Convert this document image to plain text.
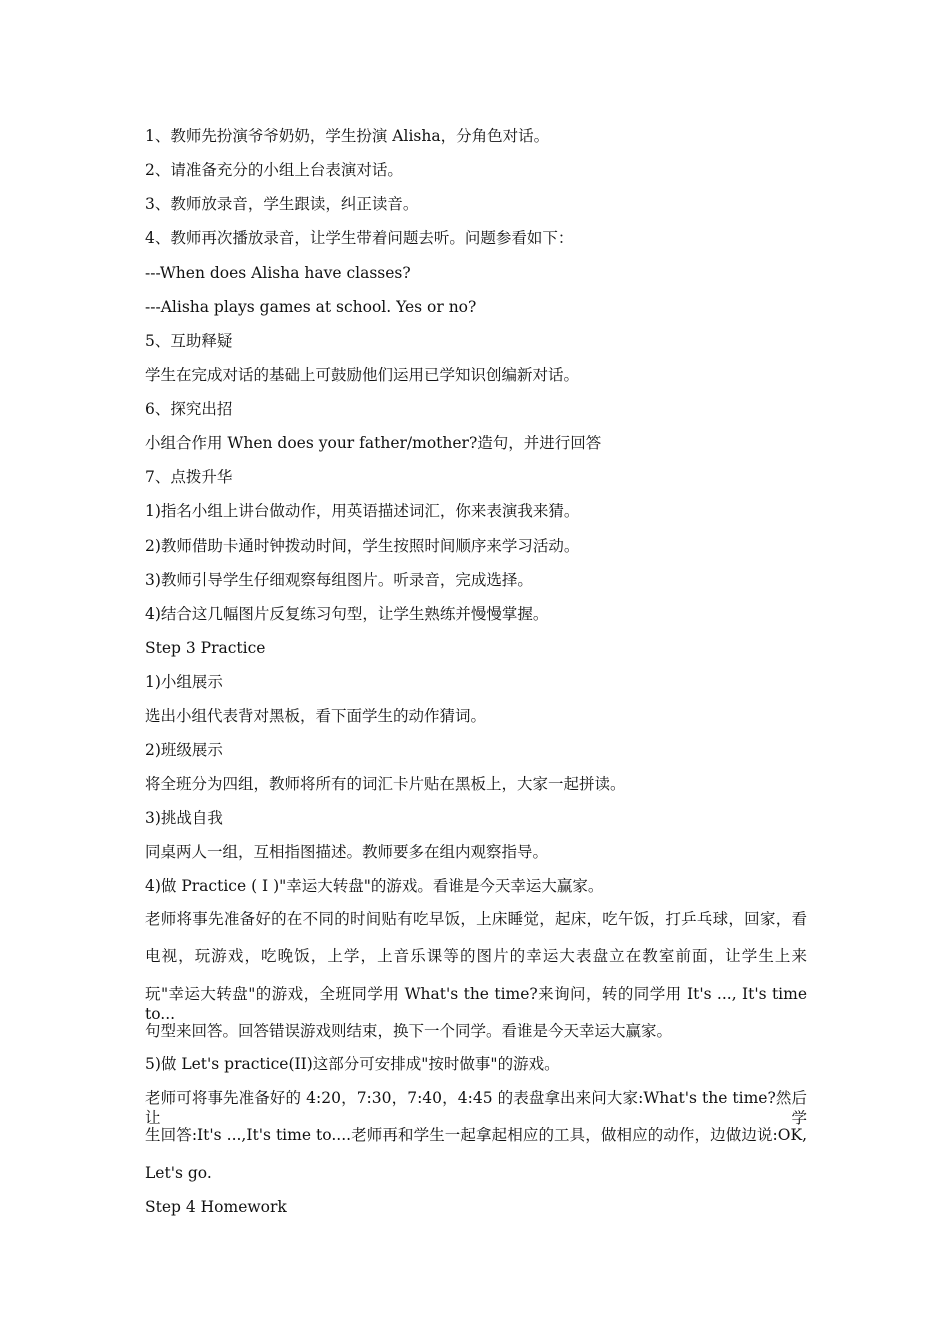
1、教师先扮演爷爷奶奶，学生扮演 Alisha，分角色对话。
2、请准备充分的小组上台表演对话。
3、教师放录音，学生跟读，纠正读音。
4、教师再次播放录音，让学生带着问题去听。问题参看如下：
---When does Alisha have classes?
---Alisha plays games at school. Yes or no?
5、互助释疑
学生在完成对话的基础上可鼓励他们运用已学知识创编新对话。
6、探究出招
小组合作用 When does your father/mother?造句，并进行回答
7、点拨升华
1)指名小组上讲台做动作，用英语描述词汇，你来表演我来猜。
2)教师借助卡通时钟拨动时间，学生按照时间顺序来学习活动。
3)教师引导学生仔细观察每组图片。听录音，完成选择。
4)结合这几幅图片反复练习句型，让学生熟练并慢慢掌握。
Step 3 Practice
1)小组展示
选出小组代表背对黑板，看下面学生的动作猜词。
2)班级展示
将全班分为四组，教师将所有的词汇卡片贴在黑板上，大家一起拼读。
3)挑战自我
同桌两人一组，互相指图描述。教师要多在组内观察指导。
4)做 Practice ( I )"幸运大转盘"的游戏。看谁是今天幸运大赢家。
老师将事先准备好的在不同的时间贴有吃早饭，上床睡觉，起床，吃午饭，打乒乓球，回家，看
电视，玩游戏，吃晚饭，上学，上音乐课等的图片的幸运大表盘立在教室前面，让学生上来
玩"幸运大转盘"的游戏，全班同学用 What's the time?来询问，转的同学用 It's ..., It's time to...
句型来回答。回答错误游戏则结束，换下一个同学。看谁是今天幸运大赢家。
5)做 Let's practice(II)这部分可安排成"按时做事"的游戏。
老师可将事先准备好的 4:20，7:30，7:40，4:45 的表盘拿出来问大家:What's the time?然后让学
生回答:It's ...,It's time to....老师再和学生一起拿起相应的工具，做相应的动作，边做边说:OK,
Let's go.
Step 4 Homework
